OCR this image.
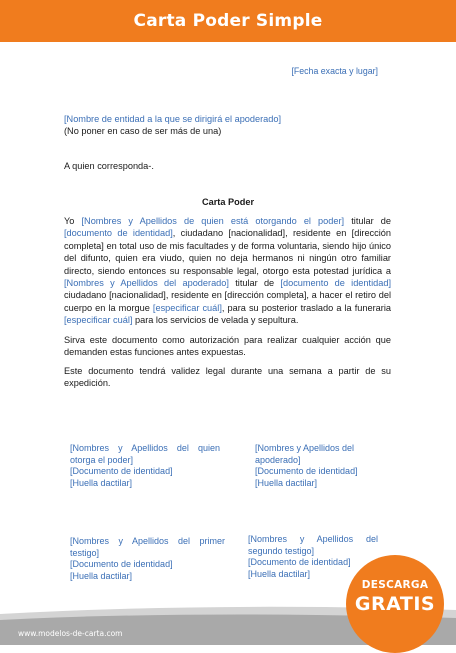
Carta Poder Simple
[Fecha exacta y lugar]
[Nombre de entidad a la que se dirigirá el apoderado]
(No poner en caso de ser más de una)
A quien corresponda-.
Carta Poder
Yo [Nombres y Apellidos de quien está otorgando el poder] titular de [documento de identidad], ciudadano [nacionalidad], residente en [dirección completa] en total uso de mis facultades y de forma voluntaria, siendo hijo único del difunto, quien era viudo, quien no deja hermanos ni ningún otro familiar directo, siendo entonces su responsable legal, otorgo esta potestad jurídica a [Nombres y Apellidos del apoderado] titular de [documento de identidad] ciudadano [nacionalidad], residente en [dirección completa], a hacer el retiro del cuerpo en la morgue [especificar cuál], para su posterior traslado a la funeraria [especificar cuál] para los servicios de velada y sepultura.
Sirva este documento como autorización para realizar cualquier acción que demanden estas funciones antes expuestas.
Este documento tendrá validez legal durante una semana a partir de su expedición.
[Nombres y Apellidos del quien otorga el poder]
[Documento de identidad]
[Huella dactilar]
[Nombres y Apellidos del apoderado]
[Documento de identidad]
[Huella dactilar]
[Nombres y Apellidos del primer testigo]
[Documento de identidad]
[Huella dactilar]
[Nombres y Apellidos del segundo testigo]
[Documento de identidad]
[Huella dactilar]
www.modelos-de-carta.com
DESCARGA
GRATIS
